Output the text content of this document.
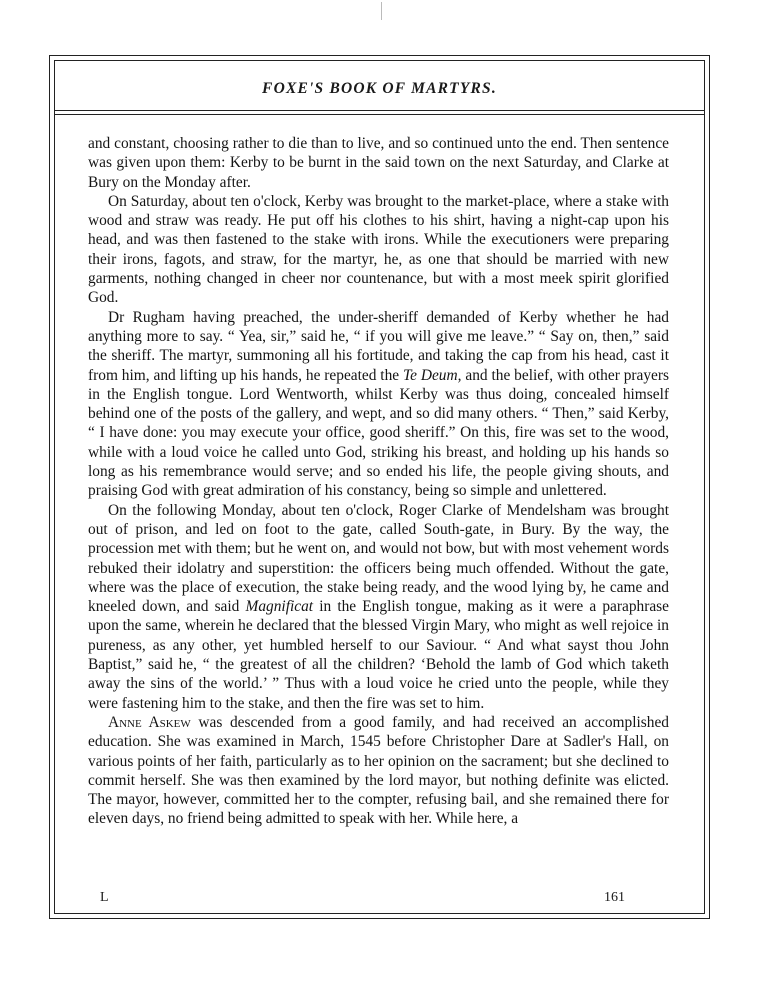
FOXE'S BOOK OF MARTYRS.

and constant, choosing rather to die than to live, and so continued unto the end. Then sentence was given upon them: Kerby to be burnt in the said town on the next Saturday, and Clarke at Bury on the Monday after.

On Saturday, about ten o'clock, Kerby was brought to the market-place, where a stake with wood and straw was ready. He put off his clothes to his shirt, having a night-cap upon his head, and was then fastened to the stake with irons. While the executioners were preparing their irons, fagots, and straw, for the martyr, he, as one that should be married with new garments, nothing changed in cheer nor countenance, but with a most meek spirit glorified God.

Dr Rugham having preached, the under-sheriff demanded of Kerby whether he had anything more to say. “ Yea, sir,” said he, “ if you will give me leave.” “ Say on, then,” said the sheriff. The martyr, summoning all his fortitude, and taking the cap from his head, cast it from him, and lifting up his hands, he repeated the Te Deum, and the belief, with other prayers in the English tongue. Lord Wentworth, whilst Kerby was thus doing, concealed himself behind one of the posts of the gallery, and wept, and so did many others. “ Then,” said Kerby, “ I have done: you may execute your office, good sheriff.” On this, fire was set to the wood, while with a loud voice he called unto God, striking his breast, and holding up his hands so long as his remembrance would serve; and so ended his life, the people giving shouts, and praising God with great admiration of his constancy, being so simple and unlettered.

On the following Monday, about ten o'clock, Roger Clarke of Mendelsham was brought out of prison, and led on foot to the gate, called South-gate, in Bury. By the way, the procession met with them; but he went on, and would not bow, but with most vehement words rebuked their idolatry and superstition: the officers being much offended. Without the gate, where was the place of execution, the stake being ready, and the wood lying by, he came and kneeled down, and said Magnificat in the English tongue, making as it were a paraphrase upon the same, wherein he declared that the blessed Virgin Mary, who might as well rejoice in pureness, as any other, yet humbled herself to our Saviour. “ And what sayst thou John Baptist,” said he, “ the greatest of all the children? ‘Behold the lamb of God which taketh away the sins of the world.’ ” Thus with a loud voice he cried unto the people, while they were fastening him to the stake, and then the fire was set to him.

Anne Askew was descended from a good family, and had received an accomplished education. She was examined in March, 1545 before Christopher Dare at Sadler's Hall, on various points of her faith, particularly as to her opinion on the sacrament; but she declined to commit herself. She was then examined by the lord mayor, but nothing definite was elicted. The mayor, however, committed her to the compter, refusing bail, and she remained there for eleven days, no friend being admitted to speak with her. While here, a

L	161
